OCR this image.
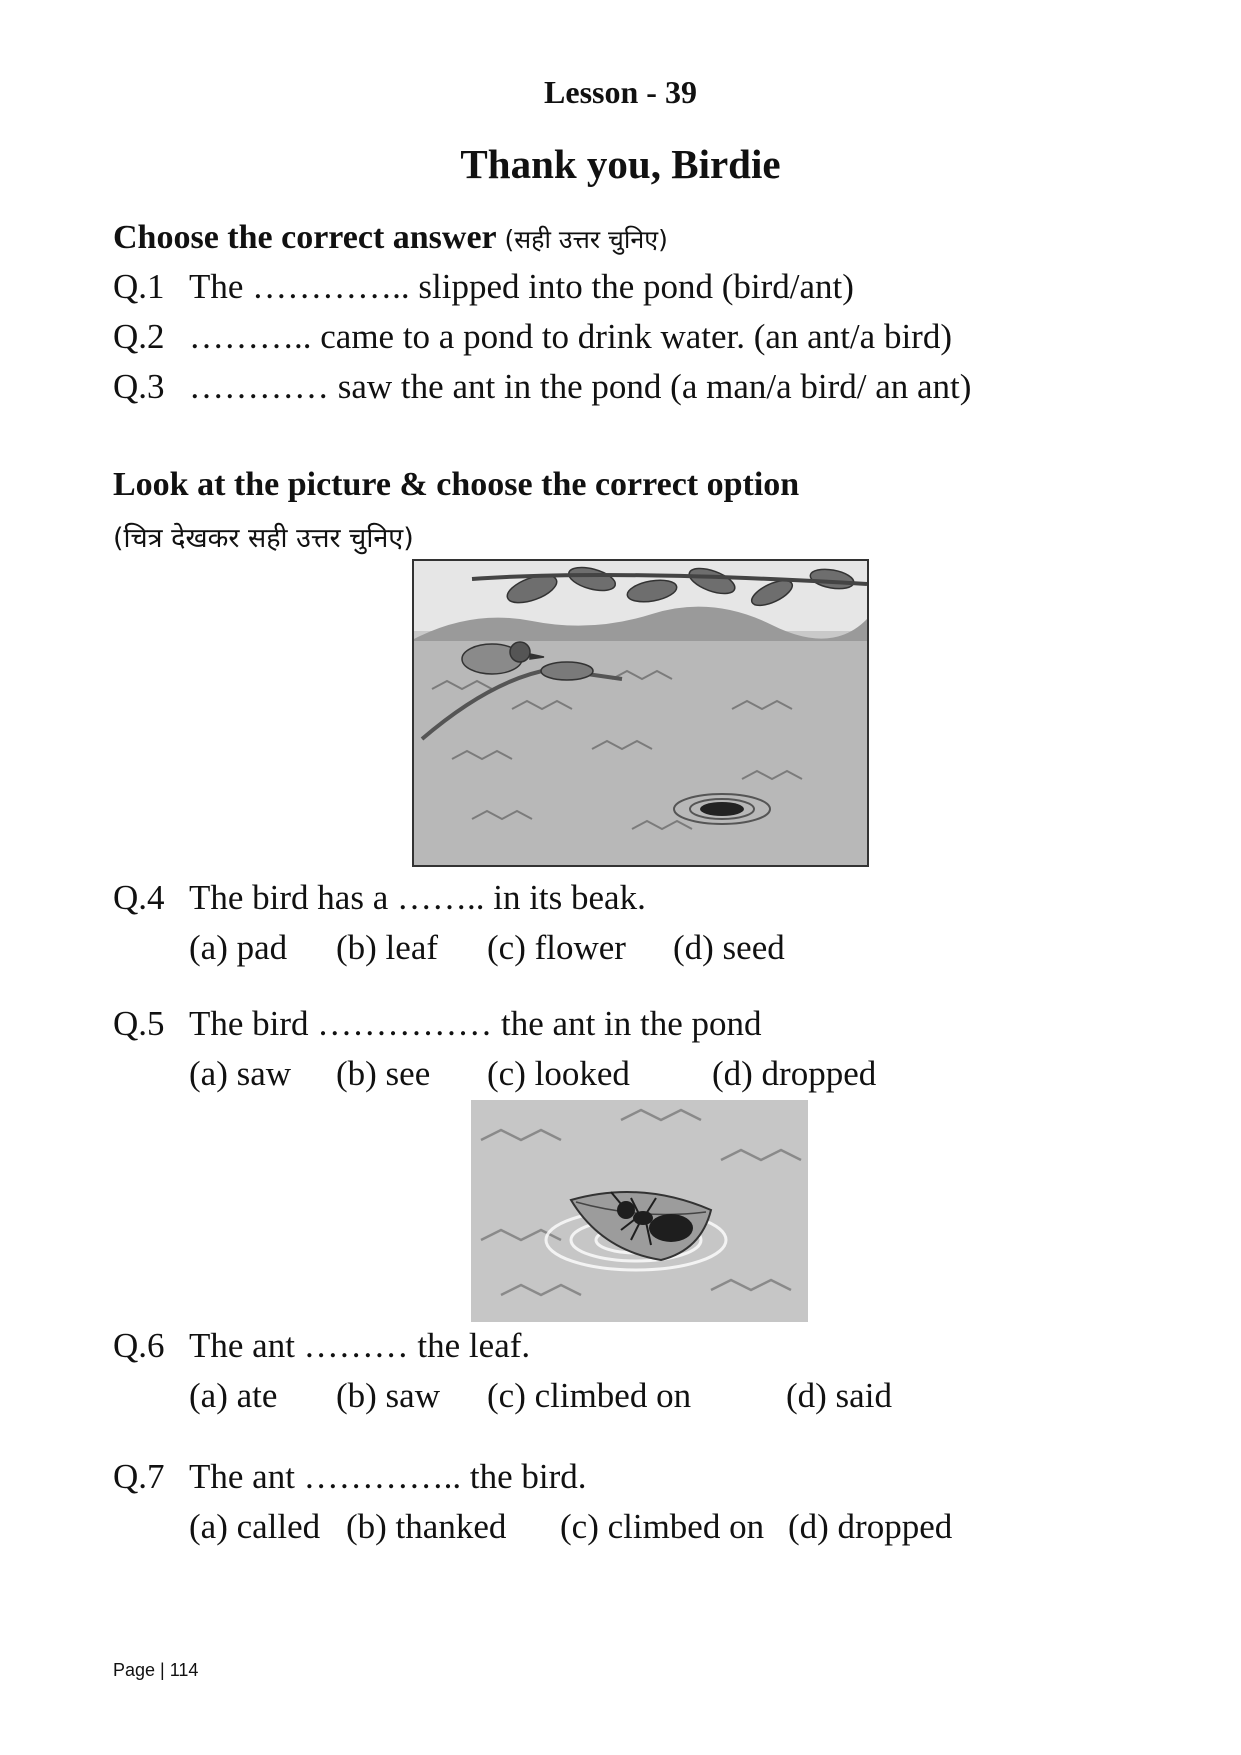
Lesson - 39
Thank you, Birdie
Choose the correct answer (सही उत्तर चुनिए)
Q.1 The ………….. slipped into the pond (bird/ant)
Q.2 ……….. came to a pond to drink water. (an ant/a bird)
Q.3 ………… saw the ant in the pond (a man/a bird/ an ant)
Look at the picture & choose the correct option
(चित्र देखकर सही उत्तर चुनिए)
Q.4 The bird has a …….. in its beak.
(a) pad (b) leaf (c) flower (d) seed
Q.5 The bird …………… the ant in the pond
(a) saw (b) see (c) looked (d) dropped
Q.6 The ant ……… the leaf.
(a) ate (b) saw (c) climbed on	(d) said
Q.7 The ant ………….. the bird.
(a) called (b) thanked (c) climbed on (d) dropped
Page | 114
